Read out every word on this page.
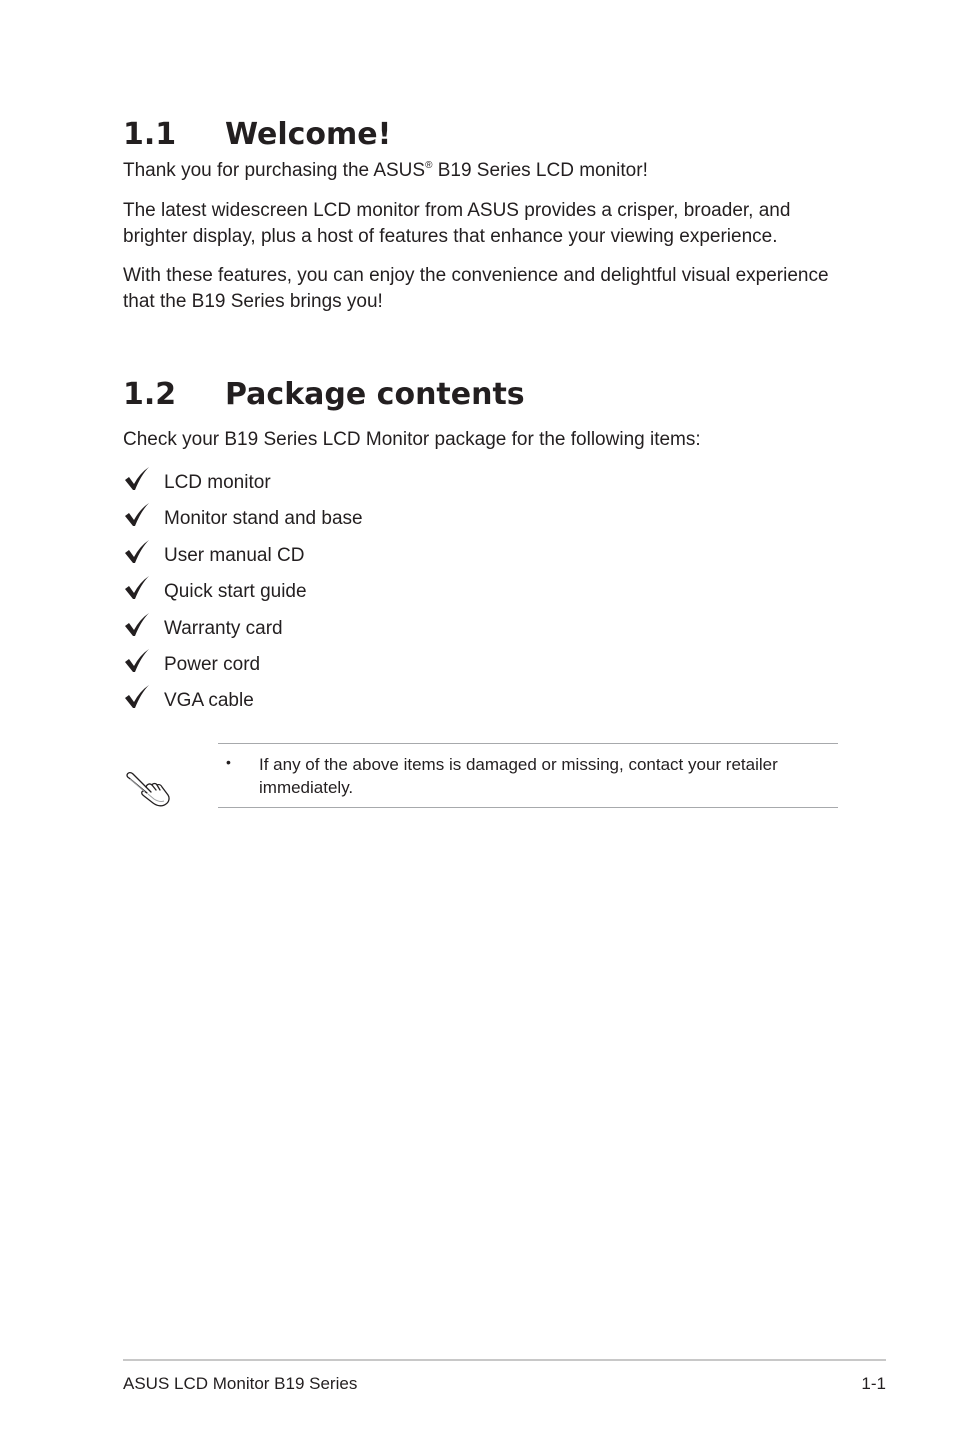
1.1 Welcome!
Thank you for purchasing the ASUS® B19 Series LCD monitor!
The latest widescreen LCD monitor from ASUS provides a crisper, broader, and brighter display, plus a host of features that enhance your viewing experience.
With these features, you can enjoy the convenience and delightful visual experience that the B19 Series brings you!
1.2 Package contents
Check your B19 Series LCD Monitor package for the following items:
LCD monitor
Monitor stand and base
User manual CD
Quick start guide
Warranty card
Power cord
VGA cable
• If any of the above items is damaged or missing, contact your retailer immediately.
ASUS LCD Monitor B19 Series	1-1
